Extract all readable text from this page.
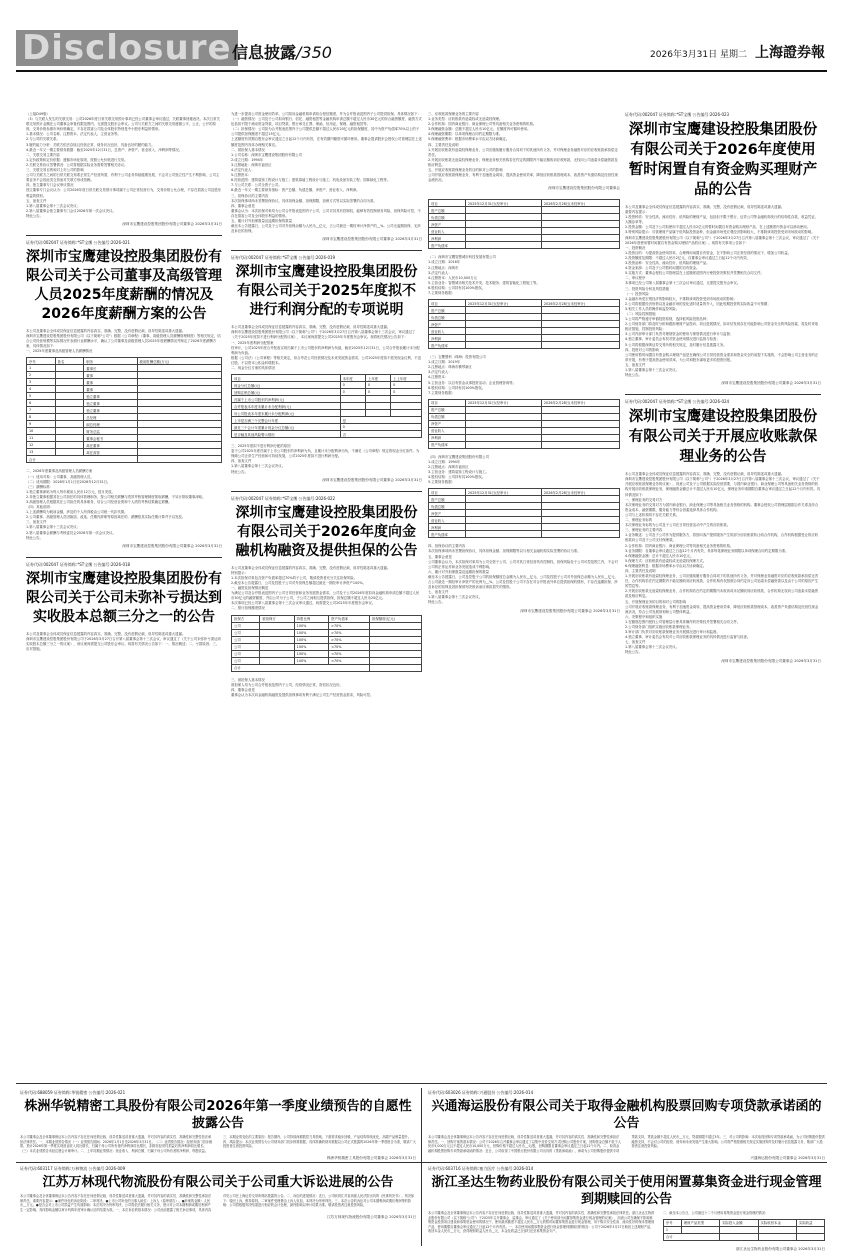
Disclosure 信息披露/350	2026年3月31日 星期二 上海證券報
（上接D49版）
（3）与关联人发生的关联交易：公司2026年度日常关联交易预计事项已经公司董事会审议通过，关联董事回避表决。本次日常关联交易预计金额在公司董事会审批权限范围内，无需提交股东会审议。公司与关联方之间的关联交易遵循公平、公正、公开的原则，交易价格参照市场价格确定，不存在损害公司及全体股东特别是中小股东利益的情形。
1.基本情况：公司名称、注册资本、法定代表人、主营业务等。
2.与公司的关联关系。
3.履约能力分析：关联方依法存续且经营正常，财务状况良好，具备良好的履约能力。
4.最近一年又一期主要财务数据：截至2025年12月31日，总资产、净资产、营业收入、净利润等情况。
二、关联交易主要内容
1.定价政策和定价依据：遵循市场化原则，按照公允价格进行交易。
2.关联交易协议签署情况：公司将根据实际业务需要签署相关协议。
三、关联交易目的和对上市公司的影响
公司与关联方之间的日常关联交易系正常生产经营所需，有利于公司业务持续健康发展，不会对公司独立性产生不利影响，公司主要业务不会因此类交易而对关联方形成依赖。
四、独立董事专门会议审议情况
独立董事专门会议认为：公司2026年度日常关联交易预计事项属于公司正常经营行为，交易价格公允合理，不存在损害公司及股东利益的情形。
五、备查文件
1.第八届董事会第十三次会议决议；
2.第八届董事会独立董事专门会议2026年第一次会议决议。
特此公告。
深圳市宝鹰建设控股集团股份有限公司董事会 2026年3月31日
证券代码:002047 证券简称:*ST宝鹰 公告编号:2026-021
深圳市宝鹰建设控股集团股份有限公司关于公司董事及高级管理人员2025年度薪酬的情况及2026年度薪酬方案的公告
本公司及董事会全体成员保证信息披露的内容真实、准确、完整，没有虚假记载、误导性陈述或重大遗漏。
深圳市宝鹰建设控股集团股份有限公司（以下简称"公司"）根据《公司章程》《董事、高级管理人员薪酬管理制度》等相关规定，结合公司经营规模等实际情况并参照行业薪酬水平，确认了公司董事及高级管理人员2025年度薪酬情况并制定了2026年度薪酬方案，具体情况如下：
一、2025年度董事及高级管理人员薪酬情况
序号	姓名	职务	税前报酬总额(万元)
1	　	董事长	　
2	　	董事	　
3	　	董事	　
4	　	董事	　
5	　	独立董事	　
6	　	独立董事	　
7	　	独立董事	　
8	　	总经理	　
9	　	副总经理	　
10	　	财务总监	　
11	　	董事会秘书	　
12	　	离任董事	　
13	　	离任高管	　
合计			　
二、2026年度董事及高级管理人员薪酬方案
（一）适用对象：公司董事、高级管理人员。
（二）适用期限：2026年1月1日至2026年12月31日。
（三）薪酬标准：
1.独立董事津贴为每人每年税前人民币12万元，按月发放。
2.非独立董事根据其在公司担任的具体管理职务，按公司相关薪酬与绩效考核管理制度领取薪酬，不另行领取董事津贴。
3.高级管理人员根据其在公司担任的具体职务，结合公司经营业绩和个人绩效考核结果确定薪酬。
（四）其他说明：
1.上述薪酬均为税前金额，涉及的个人所得税由公司统一代扣代缴。
2.公司董事、高级管理人员因换届、改选、任期内辞职等原因离任的，薪酬按其实际任期计算并予以发放。
三、备查文件
1.第八届董事会第十三次会议决议；
2.第八届董事会薪酬与考核委员会2026年第一次会议决议。
特此公告。
深圳市宝鹰建设控股集团股份有限公司董事会 2026年3月31日
证券代码:002047 证券简称:*ST宝鹰 公告编号:2026-018
深圳市宝鹰建设控股集团股份有限公司关于公司未弥补亏损达到实收股本总额三分之一的公告
本公司及董事会全体成员保证信息披露的内容真实、准确、完整，没有虚假记载、误导性陈述或重大遗漏。
深圳市宝鹰建设控股集团股份有限公司于2026年3月27日召开第八届董事会第十三次会议，审议通过了《关于公司未弥补亏损达到实收股本总额三分之一的议案》，该议案尚需提交公司股东会审议。现将有关情况公告如下：一、情况概述；二、亏损原因；三、应对措施。
为进一步提高公司资金使用效率，公司拟向金融机构申请综合授信额度，并为合并报表范围内子公司提供担保。具体情况如下：
（一）融资情况：公司及子公司拟向银行、信托、融资租赁等金融机构申请总额不超过人民币30亿元的综合融资额度，融资方式包括但不限于流动资金贷款、项目贷款、银行承兑汇票、保函、信用证、保理、融资租赁等。
（二）担保情况：公司拟为合并报表范围内子公司提供总额不超过人民币20亿元的担保额度，其中为资产负债率70%以上的子公司提供担保额度不超过15亿元。
上述额度有效期自股东会审议通过之日起12个月内有效，在有效期内额度可循环使用。董事会提请股东会授权公司管理层在上述额度范围内具体办理相关事宜。
二、被担保人基本情况
1.公司名称：深圳市宝鹰建设集团股份有限公司
2.成立日期：1994年
3.注册地址：深圳市福田区
4.法定代表人：
5.注册资本：
6.经营范围：建筑装饰工程设计与施工；建筑幕墙工程设计与施工；机电设备安装工程；园林绿化工程等。
7.与公司关系：公司全资子公司。
8.最近一年又一期主要财务指标：资产总额、负债总额、净资产、营业收入、净利润。
三、担保协议的主要内容
本次担保事项尚未签署担保协议，具体担保金额、担保期限、担保方式等以实际签署的合同为准。
四、董事会意见
董事会认为：本次担保对象均为公司合并报表范围内子公司，公司对其具有控制权，能够有效控制财务风险，担保风险可控，不存在损害公司及全体股东利益的情形。
五、累计对外担保数量及逾期担保的数量
截至本公告披露日，公司及子公司对外担保余额为人民币__亿元，占公司最近一期经审计净资产的__%。公司无逾期担保、无涉及诉讼的担保。
深圳市宝鹰建设控股集团股份有限公司董事会 2026年3月31日
证券代码:002047 证券简称:*ST宝鹰 公告编号:2026-019
深圳市宝鹰建设控股集团股份有限公司关于2025年度拟不进行利润分配的专项说明
本公司及董事会全体成员保证信息披露的内容真实、准确、完整，没有虚假记载、误导性陈述或重大遗漏。
深圳市宝鹰建设控股集团股份有限公司（以下简称"公司"）于2026年3月27日召开第八届董事会第十三次会议，审议通过了《关于2025年度拟不进行利润分配的议案》，本议案尚需提交公司2025年年度股东会审议。现将相关情况公告如下：
一、2025年度利润分配预案
经审计，公司2025年度合并报表实现归属于上市公司股东的净利润为负值，截至2025年12月31日，公司合并报表累计未分配利润为负值。
根据《公司法》《公司章程》等相关规定，综合考虑公司经营情况及未来发展资金需求，公司2025年度拟不派发现金红利，不送红股，不以资本公积金转增股本。
二、现金分红方案的具体情况
项目	本年度	上年度	上上年度
现金分红总额(元)	0	0	0
回购注销总额(元)	0	0	0
归属于上市公司股东的净利润(元)	　	　	　
合并报表本年度末累计未分配利润(元)	　	　	　
母公司报表本年度末累计未分配利润(元)	　	　	　
上市是否满三个完整会计年度	是		
最近三个会计年度累计现金分红总额(元)	0		
是否触及其他风险警示情形	否		
三、2025年度拟不进行利润分配的原因
鉴于公司2025年度归属于上市公司股东的净利润为负，且累计未分配利润为负，不满足《公司章程》规定的现金分红条件。为保障公司正常生产经营和可持续发展，公司2025年度拟不进行利润分配。
四、备查文件
1.第八届董事会第十三次会议决议。
特此公告。
深圳市宝鹰建设控股集团股份有限公司董事会 2026年3月31日
证券代码:002047 证券简称:*ST宝鹰 公告编号:2026-022
深圳市宝鹰建设控股集团股份有限公司关于2026年度向金融机构融资及提供担保的公告
本公司及董事会全体成员保证信息披露的内容真实、准确、完整，没有虚假记载、误导性陈述或重大遗漏。
特别提示：
1.本次担保对象包含资产负债率超过70%的子公司，敬请投资者充分关注担保风险。
2.截至本公告披露日，公司及控股子公司对外担保总额超过最近一期经审计净资产100%。
一、融资及担保情况概述
为满足公司及合并报表范围内子公司日常经营和业务发展资金需求，公司及子公司2026年度拟向金融机构申请总额不超过人民币30亿元的融资额度，并由公司为子公司、子公司之间相互提供担保，担保总额不超过人民币20亿元。
本次事项已经公司第八届董事会第十三次会议审议通过，尚需提交公司2025年年度股东会审议。
二、预计担保额度情况
担保方	被担保方	持股比例	资产负债率	担保额度(亿元)
公司	　	100%	>70%	　
公司	　	100%	>70%	　
公司	　	100%	>70%	　
公司	　	100%	<70%	　
公司	　	100%	<70%	　
公司	　	100%	<70%	　
合计				　
三、被担保人基本情况
被担保人均为公司合并报表范围内子公司，经营情况正常，资信状况良好。
四、董事会意见
董事会认为本次向金融机构融资及提供担保事项有利于满足公司生产经营资金需求，风险可控。
三、应收账款保理业务的主要内容
1.业务类型：应收账款有追索权或无追索权保理。
2.合作机构：国内商业银行、商业保理公司等具备相关业务资格的机构。
3.保理融资金额：总额不超过人民币10亿元，在额度内可循环使用。
4.保理融资期限：以单项保理合同约定期限为准。
5.保理融资费率：根据市场费率水平由双方协商确定。
四、主要责任及说明
1.开展应收账款有追索权保理业务，公司应继续履行服务合同项下的其他所有义务，并对保理业务融资对应的应收账款承担偿还责任。
2.开展应收账款无追索权保理业务，保理业务相关机构若在约定的期限内不能足额收到应收账款，无权向公司追索未偿融资款及相应利息。
五、开展应收账款保理业务的目的和对公司的影响
公司开展应收账款保理业务，有利于加速资金周转，提高资金使用效率，降低应收账款管理成本，改善资产负债结构及经营性现金流状况。
深圳市宝鹰建设控股集团股份有限公司董事会
项目	2025年12月31日(经审计)	2026年2月28日(未经审计)
资产总额	　	　
负债总额	　	　
净资产	　	　
营业收入	　	　
净利润	　	　
资产负债率	　	　
（二）深圳市宝鹰智慧城市科技发展有限公司
1.成立日期：2016年
2.注册地点：深圳市
3.法定代表人：
4.注册资本：人民币10,000万元
5.主营业务：智慧城市相关技术开发、技术服务；建筑智能化工程施工等。
6.股权结构：公司持有其100%股权。
7.主要财务数据：
项目	2025年12月31日(经审计)	2026年2月28日(未经审计)
资产总额	　	　
负债总额	　	　
净资产	　	　
营业收入	　	　
净利润	　	　
资产负债率	　	　
（三）宝鹰慧科（珠海）投资有限公司
1.成立日期：2019年
2.注册地点：珠海市横琴新区
3.法定代表人：
4.注册资本：
5.主营业务：以自有资金从事投资活动；企业管理咨询等。
6.股权结构：公司持有其100%股权。
7.主要财务数据：
项目	2025年12月31日(经审计)	2026年2月28日(未经审计)
资产总额	　	　
负债总额	　	　
净资产	　	　
营业收入	　	　
净利润	　	　
资产负债率	　	　
（四）深圳市宝鹰建设集团股份有限公司
1.成立日期：1994年
2.注册地点：深圳市福田区
3.主营业务：建筑装饰工程设计与施工。
4.股权结构：公司持有其100%股权。
5.主要财务数据：
项目	2025年12月31日(经审计)	2026年2月28日(未经审计)
资产总额	　	　
负债总额	　	　
净资产	　	　
营业收入	　	　
净利润	　	　
资产负债率	　	　
四、担保协议的主要内容
本次担保事项尚未签署担保协议，具体担保金额、担保期限等以与相关金融机构实际签署的协议为准。
五、董事会意见
公司董事会认为，本次担保对象均为公司全资子公司，公司对其日常经营具有控制权，担保风险处于公司可控范围之内，不会对公司的正常运作和业务发展造成不利影响。
六、累计对外担保数量及逾期担保的数量
截至本公告披露日，公司及控股子公司的担保额度总金额为人民币__亿元，公司及控股子公司对外担保总余额为人民币__亿元，占公司最近一期经审计净资产的比例为__%。公司及控股子公司不存在对合并报表外单位提供担保的情形，不存在逾期担保、涉及诉讼的担保及因担保被判决败诉而应承担损失的情形。
七、备查文件
1.第八届董事会第十三次会议决议。
特此公告。
深圳市宝鹰建设控股集团股份有限公司董事会 2026年3月31日
证券代码:002047 证券简称:*ST宝鹰 公告编号:2026-023
深圳市宝鹰建设控股集团股份有限公司关于2026年度使用暂时闲置自有资金购买理财产品的公告
本公司及董事会全体成员保证信息披露的内容真实、准确、完整，没有虚假记载、误导性陈述或重大遗漏。
重要内容提示：
1.投资种类：安全性高、流动性好、低风险的理财产品，包括但不限于银行、证券公司等金融机构发行的结构性存款、收益凭证、大额存单等。
2.投资金额：公司及子公司拟使用不超过人民币2亿元的暂时闲置自有资金购买理财产品，在上述额度内资金可以滚动使用。
3.特别风险提示：尽管理财产品属于低风险投资品种，但金融市场受宏观经济影响较大，不排除该项投资受到市场波动的影响。
深圳市宝鹰建设控股集团股份有限公司（以下简称"公司"）于2026年3月27日召开第八届董事会第十三次会议，审议通过了《关于2026年度使用暂时闲置自有资金购买理财产品的议案》。现将有关事项公告如下：
一、投资概况
1.投资目的：为提高资金使用效率，合理利用闲置自有资金，在不影响公司正常经营的情况下，增加公司收益。
2.投资额度及期限：不超过人民币2亿元，自董事会审议通过之日起12个月内有效。
3.投资品种：安全性高、流动性好、低风险的理财产品。
4.资金来源：公司及子公司暂时闲置的自有资金。
5.实施方式：董事会授权公司管理层在上述额度范围内行使投资决策权并签署相关合同文件。
二、审议程序
本事项已经公司第八届董事会第十三次会议审议通过，无需提交股东会审议。
三、投资风险分析及风控措施
（一）投资风险
1.金融市场受宏观经济的影响较大，不排除该项投资受到市场波动的影响；
2.公司将根据经济形势以及金融市场的变化适时适量的介入，因此短期投资的实际收益不可预期；
3.相关工作人员的操作和监控风险。
（二）风险控制措施
1.公司将严格遵守审慎投资原则，选择低风险投资品种；
2.公司财务部门将及时分析和跟踪理财产品投向、项目进展情况，如评估发现存在可能影响公司资金安全的风险因素，将及时采取相应措施，控制投资风险；
3.公司内部审计部门负责对理财资金的使用与保管情况进行审计与监督；
4.独立董事、审计委员会有权对资金使用情况进行监督与检查；
5.公司将根据深圳证券交易所的相关规定，及时履行信息披露义务。
四、投资对公司的影响
公司使用暂时闲置自有资金购买理财产品是在确保公司日常经营资金需求和资金安全的前提下实施的，不会影响公司主营业务的正常开展，有利于提高资金使用效率，为公司和股东谋取更多的投资回报。
五、备查文件
1.第八届董事会第十三次会议决议。
特此公告。
深圳市宝鹰建设控股集团股份有限公司董事会 2026年3月31日
证券代码:002047 证券简称:*ST宝鹰 公告编号:2026-024
深圳市宝鹰建设控股集团股份有限公司关于开展应收账款保理业务的公告
本公司及董事会全体成员保证信息披露的内容真实、准确、完整，没有虚假记载、误导性陈述或重大遗漏。
深圳市宝鹰建设控股集团股份有限公司（以下简称"公司"）于2026年3月27日召开第八届董事会第十三次会议，审议通过了《关于开展应收账款保理业务的议案》，同意公司及子公司根据实际经营需要，与国内商业银行、商业保理公司等具备相关业务资格的机构开展应收账款保理业务，保理融资金额总计不超过人民币10亿元，保理业务申请期限自董事会审议通过之日起12个月内有效。具体情况如下：
一、保理业务的交易对方
本次保理业务的交易对方为国内商业银行、商业保理公司等具备相关业务资格的机构。董事会授权公司管理层根据合作关系及综合资金成本、融资期限、服务能力等综合因素选择具体合作机构。
公司与上述机构均不存在关联关系。
二、保理业务标的
本次保理业务标的为公司及子公司在日常经营活动中产生的应收账款。
三、保理业务的主要内容
1.业务概述：公司及子公司作为提供服务方，将因向客户提供服务产生的部分应收账款转让给合作机构，合作机构根据受让的应收账款向公司及子公司支付保理款。
2.合作机构：国内商业银行、商业保理公司等具备相关业务资格的机构。
3.业务期限：自董事会审议通过之日起12个月内有效，具体每笔保理业务期限以单项保理合同约定期限为准。
4.保理融资金额：总计不超过人民币10亿元。
5.保理方式：应收账款有追索权或无追索权保理方式。
6.保理融资利息：根据市场费率水平由双方协商确定。
四、主要责任及说明
1.开展应收账款有追索权保理业务，公司应继续履行服务合同项下的其他所有义务，并对保理业务融资对应的应收账款承担偿还责任，合作机构若在约定期限内不能足额收到应收账款，合作机构有权按照合同约定向公司追索未偿融资款以及由于公司的原因产生的罚息等。
2.开展应收账款无追索权保理业务，合作机构若在约定的期限内未收到或未足额收到应收账款，合作机构无权向公司追索未偿融资款及相应利息。
五、开展保理业务的目的和对公司的影响
公司开展应收账款保理业务，有利于加速资金周转，提高资金使用效率，降低应收账款管理成本，改善资产负债结构及经营性现金流状况，符合公司发展规划和公司整体利益。
六、决策程序和组织实施
1.在额度范围内授权公司管理层行使具体操作的决策权并签署相关合同文件。
2.公司财务部门组织实施应收账款保理业务。
3.审计部门负责对应收账款保理业务开展情况进行审计和监督。
4.独立董事、审计委员会有权对公司应收账款保理业务的具体情况进行监督与检查。
七、备查文件
1.第八届董事会第十三次会议决议。
特此公告。
深圳市宝鹰建设控股集团股份有限公司董事会 2026年3月31日
证券代码:688059 证券简称:华锐精密 公告编号:2026-021
株洲华锐精密工具股份有限公司2026年第一季度业绩预告的自愿性披露公告
本公司董事会及全体董事保证本公告内容不存在任何虚假记载、误导性陈述或者重大遗漏，并对其内容的真实性、准确性和完整性依法承担法律责任。一、本期业绩预告情况（一）业绩预告期间：2026年1月1日至2026年3月31日。（二）业绩预告情况：经财务部门初步测算，预计2026年第一季度实现营业收入同比增长，归属于母公司所有者的净利润同比增长，扣除非经常性损益后的净利润同比增长。（三）本次业绩预告未经注册会计师审计。二、上年同期业绩情况：营业收入、利润总额、归属于母公司所有者的净利润、每股收益。三、本期业绩变化的主要原因：报告期内，公司持续深耕数控刀具领域，下游需求稳步回暖，产品结构持续优化，高端产品销量提升。四、风险提示：本次业绩预告为公司财务部门初步核算数据，具体准确的财务数据以公司正式披露的2026年第一季度报告为准，敬请广大投资者注意投资风险。
株洲华锐精密工具股份有限公司董事会 2026年3月31日
证券代码:603026 证券简称:兴通股份 公告编号:2026-014
兴通海运股份有限公司关于取得金融机构股票回购专项贷款承诺函的公告
本公司董事会及全体董事保证本公告内容不存在任何虚假记载、误导性陈述或者重大遗漏，并对其内容的真实性、准确性和完整性承担法律责任。一、回购方案的基本情况：公司于2026年召开董事会审议通过了以集中竞价交易方式回购公司股份方案，回购资金总额不低于人民币5,000万元且不超过人民币10,000万元，回购价格不超过人民币__元/股，回购期限自董事会审议通过之日起12个月内。二、取得金融机构股票回购专项贷款承诺函的情况：近日，公司取得了中国银行股份有限公司出具的《贷款承诺函》，承诺为公司回购股份提供专项贷款支持，贷款金额不超过人民币__万元，贷款期限不超过3年。三、对公司的影响：本次取得回购专项贷款承诺函，为公司回购股份提供融资支持，不会对公司的经营、财务和未来发展产生重大影响。公司将严格按照相关规定实施回购并及时履行信息披露义务，敬请广大投资者注意投资风险。
兴通海运股份有限公司董事会 2026年3月31日
证券代码:603117 证券简称:万林物流 公告编号:2026-009
江苏万林现代物流股份有限公司关于公司重大诉讼进展的公告
本公司董事会及全体董事保证本公告内容不存在任何虚假记载、误导性陈述或者重大遗漏，并对其内容的真实性、准确性和完整性承担法律责任。重要内容提示：●案件所处的诉讼阶段：二审判决。●上市公司所处的当事人地位：上诉人（原审被告）。●涉案的金额：人民币__万元。●是否会对上市公司损益产生负面影响：本次判决为终审判决，公司将依法履行相关义务，预计对公司本期利润或期后利润产生一定影响，具体影响金额以审计机构年度审计确认后的结果为准。一、本次诉讼的基本情况：公司此前披露了相关诉讼事项，具体内容详见公司在上海证券交易所网站披露的公告。二、诉讼的进展情况：近日，公司收到江苏省高级人民法院出具的《民事判决书》，判决如下：驳回上诉，维持原判。二审案件受理费由上诉人负担。本判决为终审判决。三、本次公告的诉讼对公司本期利润或期后利润等的影响：公司将根据判决结果进行相应的会计处理，最终影响以审计结果为准。敬请投资者注意投资风险。
江苏万林现代物流股份有限公司董事会 2026年3月31日
证券代码:603716 证券简称:塞力医疗 公告编号:2026-014
浙江圣达生物药业股份有限公司关于使用闲置募集资金进行现金管理到期赎回的公告
本公司董事会及全体董事保证本公告内容不存在任何虚假记载、误导性陈述或者重大遗漏，并对其内容的真实性、准确性和完整性承担法律责任。浙江圣达生物药业股份有限公司（以下简称"公司"）于2025年召开董事会、监事会，审议通过了《关于使用部分闲置募集资金进行现金管理的议案》，同意公司在确保不影响募集资金投资项目建设和募集资金使用的情况下，使用最高额度不超过人民币__万元的暂时闲置募集资金进行现金管理，用于购买安全性高、流动性好的保本型理财产品，使用期限自董事会审议通过之日起12个月内有效。一、本次使用闲置募集资金进行现金管理到期赎回的情况：公司于2026年3月27日赎回上述理财产品，收回本金人民币__万元，获得理财收益人民币__元，本金及收益已全部归还至募集资金专户。
二、截至本公告日，公司最近十二个月使用募集资金进行现金管理的情况：
序号	理财产品类型	实际投入金额	实际收回本金	实际收益
1	　	　	　	　
合计		　	　	　
浙江圣达生物药业股份有限公司董事会 2026年3月31日
